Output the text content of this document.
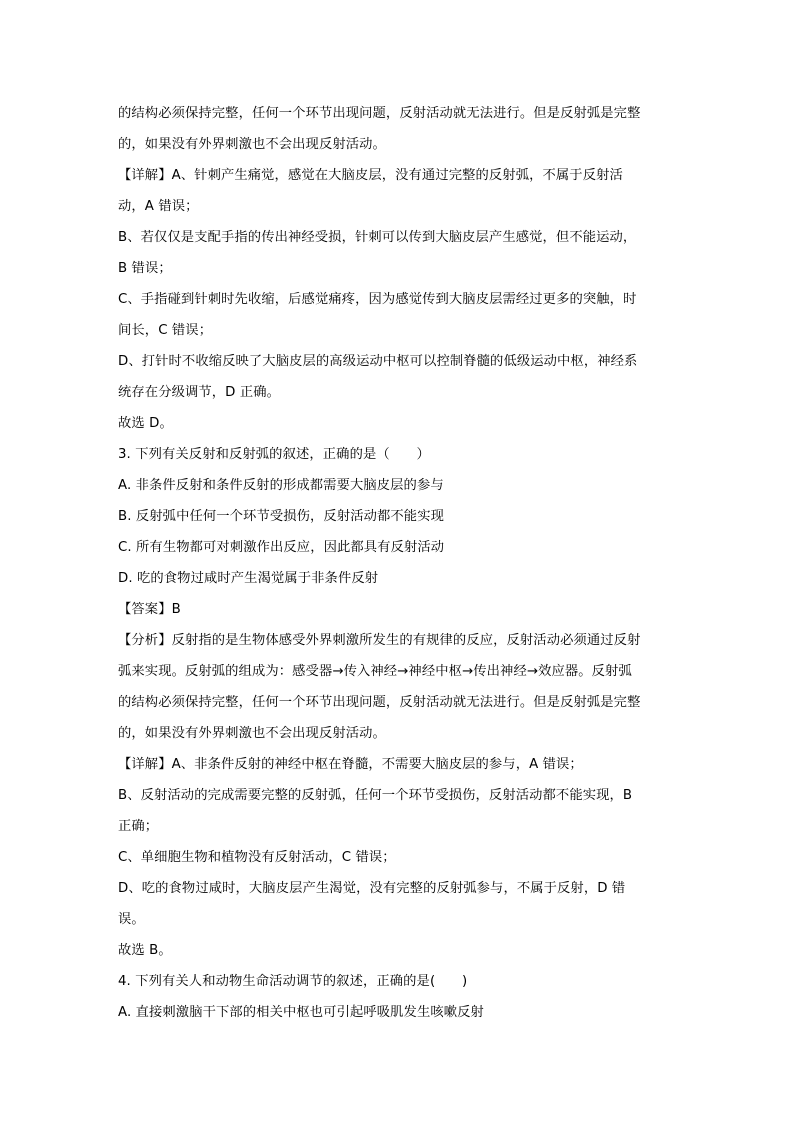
的结构必须保持完整，任何一个环节出现问题，反射活动就无法进行。但是反射弧是完整
的，如果没有外界刺激也不会出现反射活动。
【详解】A、针刺产生痛觉，感觉在大脑皮层，没有通过完整的反射弧，不属于反射活
动，A 错误；
B、若仅仅是支配手指的传出神经受损，针刺可以传到大脑皮层产生感觉，但不能运动，
B 错误；
C、手指碰到针刺时先收缩，后感觉痛疼，因为感觉传到大脑皮层需经过更多的突触，时
间长，C 错误；
D、打针时不收缩反映了大脑皮层的高级运动中枢可以控制脊髓的低级运动中枢，神经系
统存在分级调节，D 正确。
故选 D。
3. 下列有关反射和反射弧的叙述，正确的是（　　）
A. 非条件反射和条件反射的形成都需要大脑皮层的参与
B. 反射弧中任何一个环节受损伤，反射活动都不能实现
C. 所有生物都可对刺激作出反应，因此都具有反射活动
D. 吃的食物过咸时产生渴觉属于非条件反射
【答案】B
【分析】反射指的是生物体感受外界刺激所发生的有规律的反应，反射活动必须通过反射
弧来实现。反射弧的组成为：感受器→传入神经→神经中枢→传出神经→效应器。反射弧
的结构必须保持完整，任何一个环节出现问题，反射活动就无法进行。但是反射弧是完整
的，如果没有外界刺激也不会出现反射活动。
【详解】A、非条件反射的神经中枢在脊髓，不需要大脑皮层的参与，A 错误；
B、反射活动的完成需要完整的反射弧，任何一个环节受损伤，反射活动都不能实现，B
正确；
C、单细胞生物和植物没有反射活动，C 错误；
D、吃的食物过咸时，大脑皮层产生渴觉，没有完整的反射弧参与，不属于反射，D 错
误。
故选 B。
4. 下列有关人和动物生命活动调节的叙述，正确的是(　　)
A. 直接刺激脑干下部的相关中枢也可引起呼吸肌发生咳嗽反射
